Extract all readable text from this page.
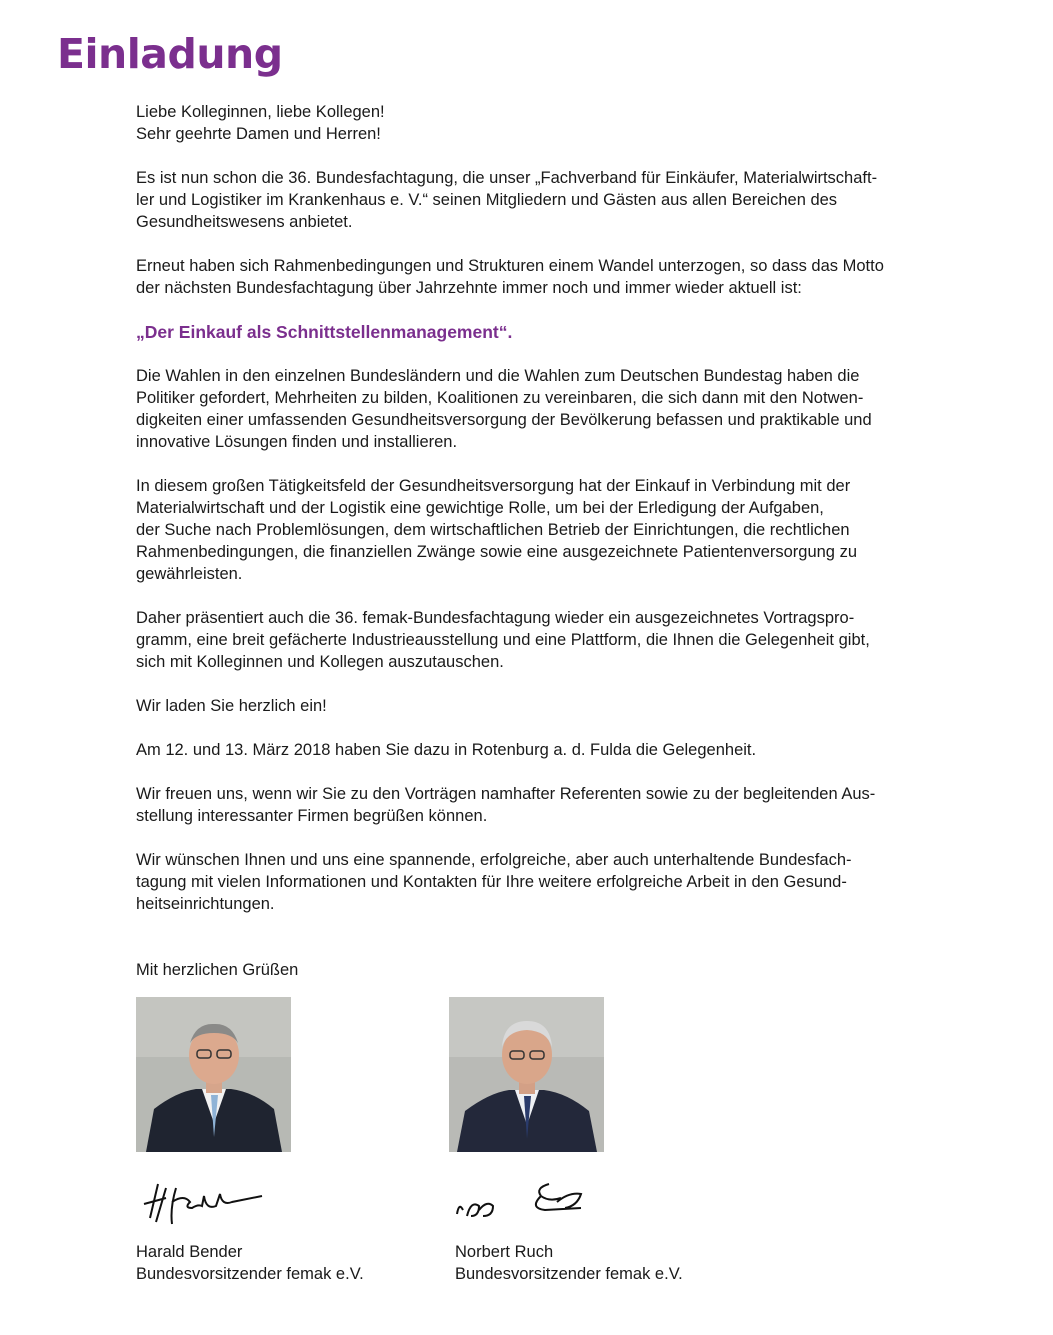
Einladung

Liebe Kolleginnen, liebe Kollegen!
Sehr geehrte Damen und Herren!

Es ist nun schon die 36. Bundesfachtagung, die unser „Fachverband für Einkäufer, Materialwirtschaft-
ler und Logistiker im Krankenhaus e. V.“ seinen Mitgliedern und Gästen aus allen Bereichen des
Gesundheitswesens anbietet.

Erneut haben sich Rahmenbedingungen und Strukturen einem Wandel unterzogen, so dass das Motto
der nächsten Bundesfachtagung über Jahrzehnte immer noch und immer wieder aktuell ist:

„Der Einkauf als Schnittstellenmanagement“.

Die Wahlen in den einzelnen Bundesländern und die Wahlen zum Deutschen Bundestag haben die
Politiker gefordert, Mehrheiten zu bilden, Koalitionen zu vereinbaren, die sich dann mit den Notwen-
digkeiten einer umfassenden Gesundheitsversorgung der Bevölkerung befassen und praktikable und
innovative Lösungen finden und installieren.

In diesem großen Tätigkeitsfeld der Gesundheitsversorgung hat der Einkauf in Verbindung mit der
Materialwirtschaft und der Logistik eine gewichtige Rolle, um bei der Erledigung der Aufgaben,
der Suche nach Problemlösungen, dem wirtschaftlichen Betrieb der Einrichtungen, die rechtlichen
Rahmenbedingungen, die finanziellen Zwänge sowie eine ausgezeichnete Patientenversorgung zu
gewährleisten.

Daher präsentiert auch die 36. femak-Bundesfachtagung wieder ein ausgezeichnetes Vortragspro-
gramm, eine breit gefächerte Industrieausstellung und eine Plattform, die Ihnen die Gelegenheit gibt,
sich mit Kolleginnen und Kollegen auszutauschen.

Wir laden Sie herzlich ein!

Am 12. und 13. März 2018 haben Sie dazu in Rotenburg a. d. Fulda die Gelegenheit.

Wir freuen uns, wenn wir Sie zu den Vorträgen namhafter Referenten sowie zu der begleitenden Aus-
stellung interessanter Firmen begrüßen können.

Wir wünschen Ihnen und uns eine spannende, erfolgreiche, aber auch unterhaltende Bundesfach-
tagung mit vielen Informationen und Kontakten für Ihre weitere erfolgreiche Arbeit in den Gesund-
heitseinrichtungen.

Mit herzlichen Grüßen
Harald Bender
Bundesvorsitzender femak e.V.
Norbert Ruch
Bundesvorsitzender femak e.V.
